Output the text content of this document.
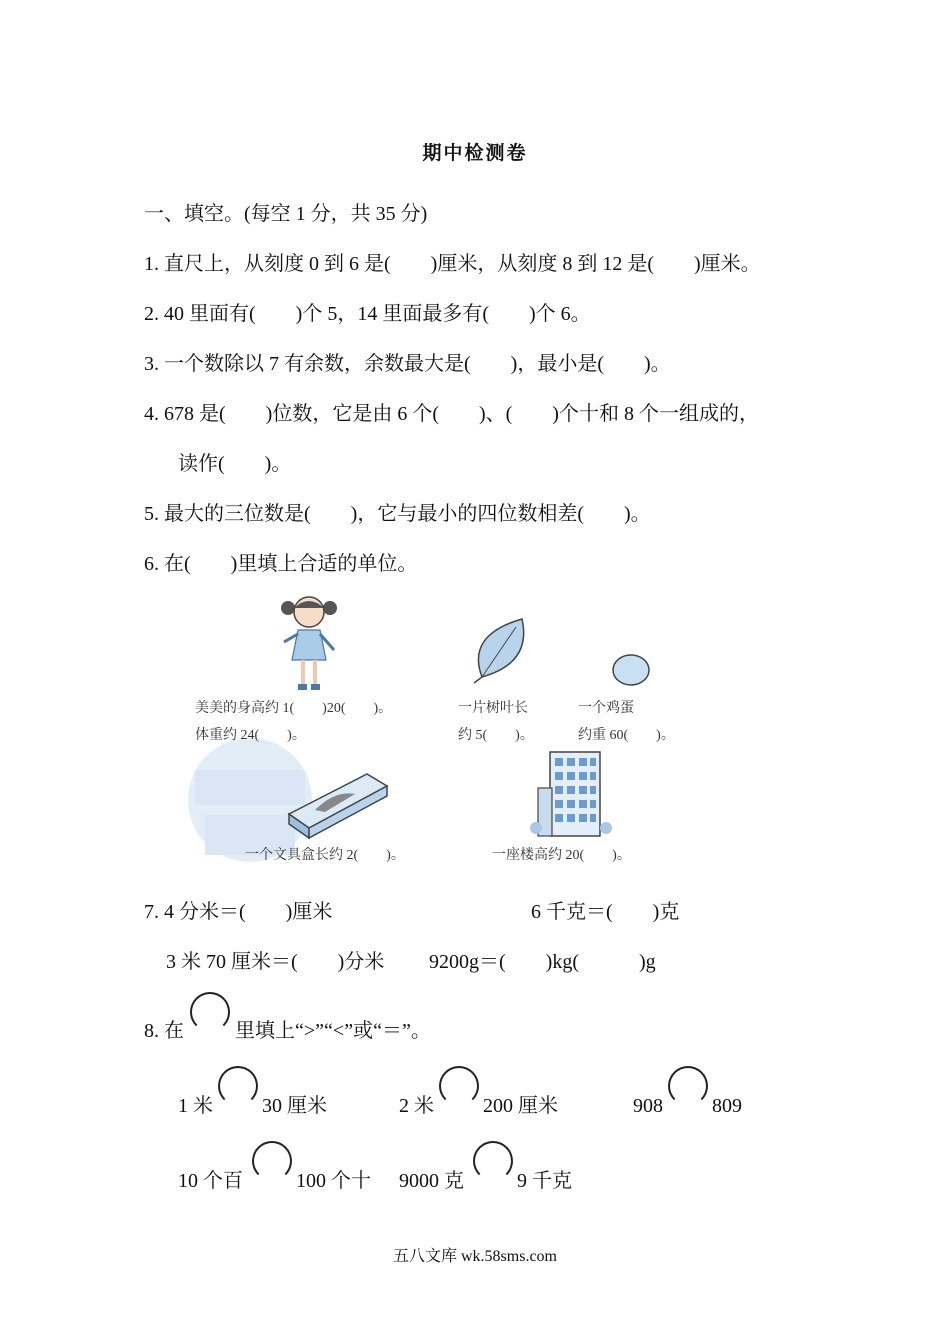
期中检测卷
一、填空。(每空 1 分，共 35 分)
1. 直尺上，从刻度 0 到 6 是(　　)厘米，从刻度 8 到 12 是(　　)厘米。
2. 40 里面有(　　)个 5，14 里面最多有(　　)个 6。
3. 一个数除以 7 有余数，余数最大是(　　)，最小是(　　)。
4. 678 是(　　)位数，它是由 6 个(　　)、(　　)个十和 8 个一组成的，
读作(　　)。
5. 最大的三位数是(　　)，它与最小的四位数相差(　　)。
6. 在(　　)里填上合适的单位。
美美的身高约 1(　　)20(　　)。
体重约 24(　　)。
一片树叶长
约 5(　　)。
一个鸡蛋
约重 60(　　)。
一个文具盒长约 2(　　)。	一座楼高约 20(　　)。
7. 4 分米＝(　　)厘米	6 千克＝(　　)克
3 米 70 厘米＝(　　)分米 9200g＝(　　)kg(　　　)g
8. 在	里填上“>”“<”或“＝”。
1 米 30 厘米	2 米 200 厘米	908 809
10 个百	100 个十 9000 克	9 千克
五八文库 wk.58sms.com
